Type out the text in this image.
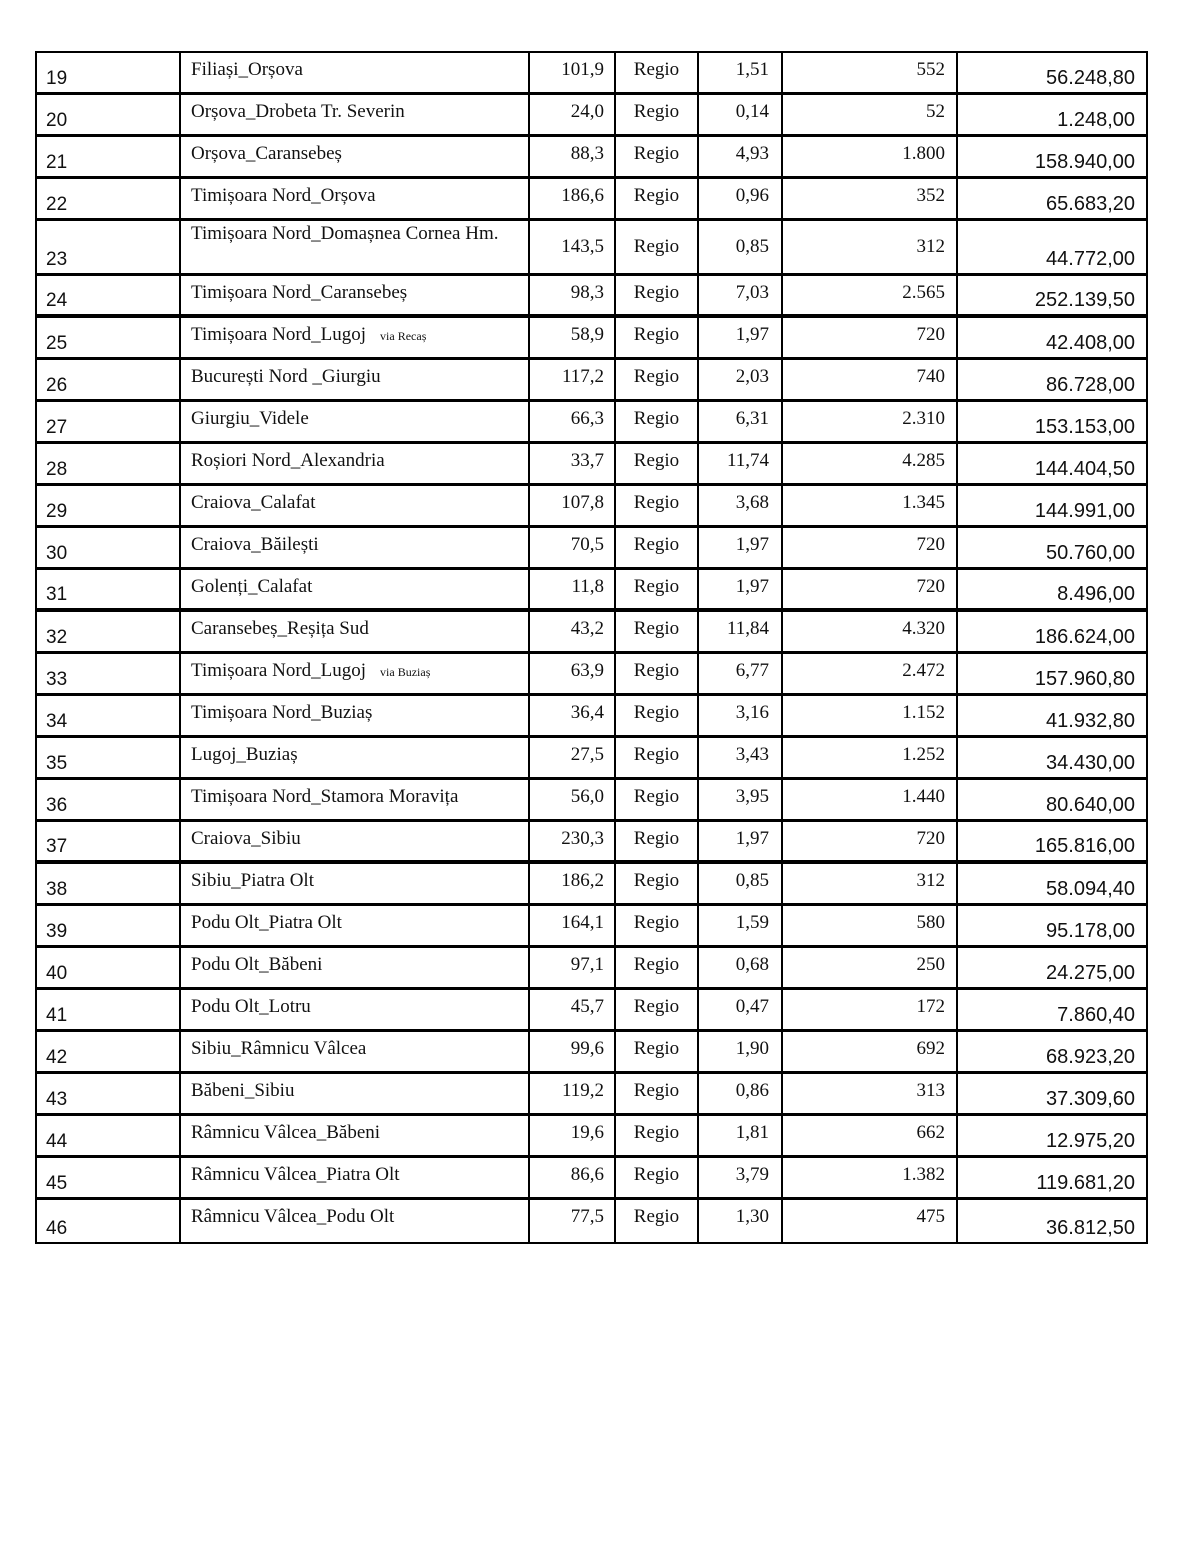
19	Filiași_Orșova	101,9	Regio	1,51	552	56.248,80
20	Orșova_Drobeta Tr. Severin	24,0	Regio	0,14	52	1.248,00
21	Orșova_Caransebeș	88,3	Regio	4,93	1.800	158.940,00
22	Timișoara Nord_Orșova	186,6	Regio	0,96	352	65.683,20
23	Timișoara Nord_Domașnea Cornea Hm.	143,5	Regio	0,85	312	44.772,00
24	Timișoara Nord_Caransebeș	98,3	Regio	7,03	2.565	252.139,50
25	Timișoara Nord_Lugoj via Recaș	58,9	Regio	1,97	720	42.408,00
26	București Nord _Giurgiu	117,2	Regio	2,03	740	86.728,00
27	Giurgiu_Videle	66,3	Regio	6,31	2.310	153.153,00
28	Roșiori Nord_Alexandria	33,7	Regio	11,74	4.285	144.404,50
29	Craiova_Calafat	107,8	Regio	3,68	1.345	144.991,00
30	Craiova_Băilești	70,5	Regio	1,97	720	50.760,00
31	Golenți_Calafat	11,8	Regio	1,97	720	8.496,00
32	Caransebeș_Reșița Sud	43,2	Regio	11,84	4.320	186.624,00
33	Timișoara Nord_Lugoj via Buziaș	63,9	Regio	6,77	2.472	157.960,80
34	Timișoara Nord_Buziaș	36,4	Regio	3,16	1.152	41.932,80
35	Lugoj_Buziaș	27,5	Regio	3,43	1.252	34.430,00
36	Timișoara Nord_Stamora Moravița	56,0	Regio	3,95	1.440	80.640,00
37	Craiova_Sibiu	230,3	Regio	1,97	720	165.816,00
38	Sibiu_Piatra Olt	186,2	Regio	0,85	312	58.094,40
39	Podu Olt_Piatra Olt	164,1	Regio	1,59	580	95.178,00
40	Podu Olt_Băbeni	97,1	Regio	0,68	250	24.275,00
41	Podu Olt_Lotru	45,7	Regio	0,47	172	7.860,40
42	Sibiu_Râmnicu Vâlcea	99,6	Regio	1,90	692	68.923,20
43	Băbeni_Sibiu	119,2	Regio	0,86	313	37.309,60
44	Râmnicu Vâlcea_Băbeni	19,6	Regio	1,81	662	12.975,20
45	Râmnicu Vâlcea_Piatra Olt	86,6	Regio	3,79	1.382	119.681,20
46	Râmnicu Vâlcea_Podu Olt	77,5	Regio	1,30	475	36.812,50
